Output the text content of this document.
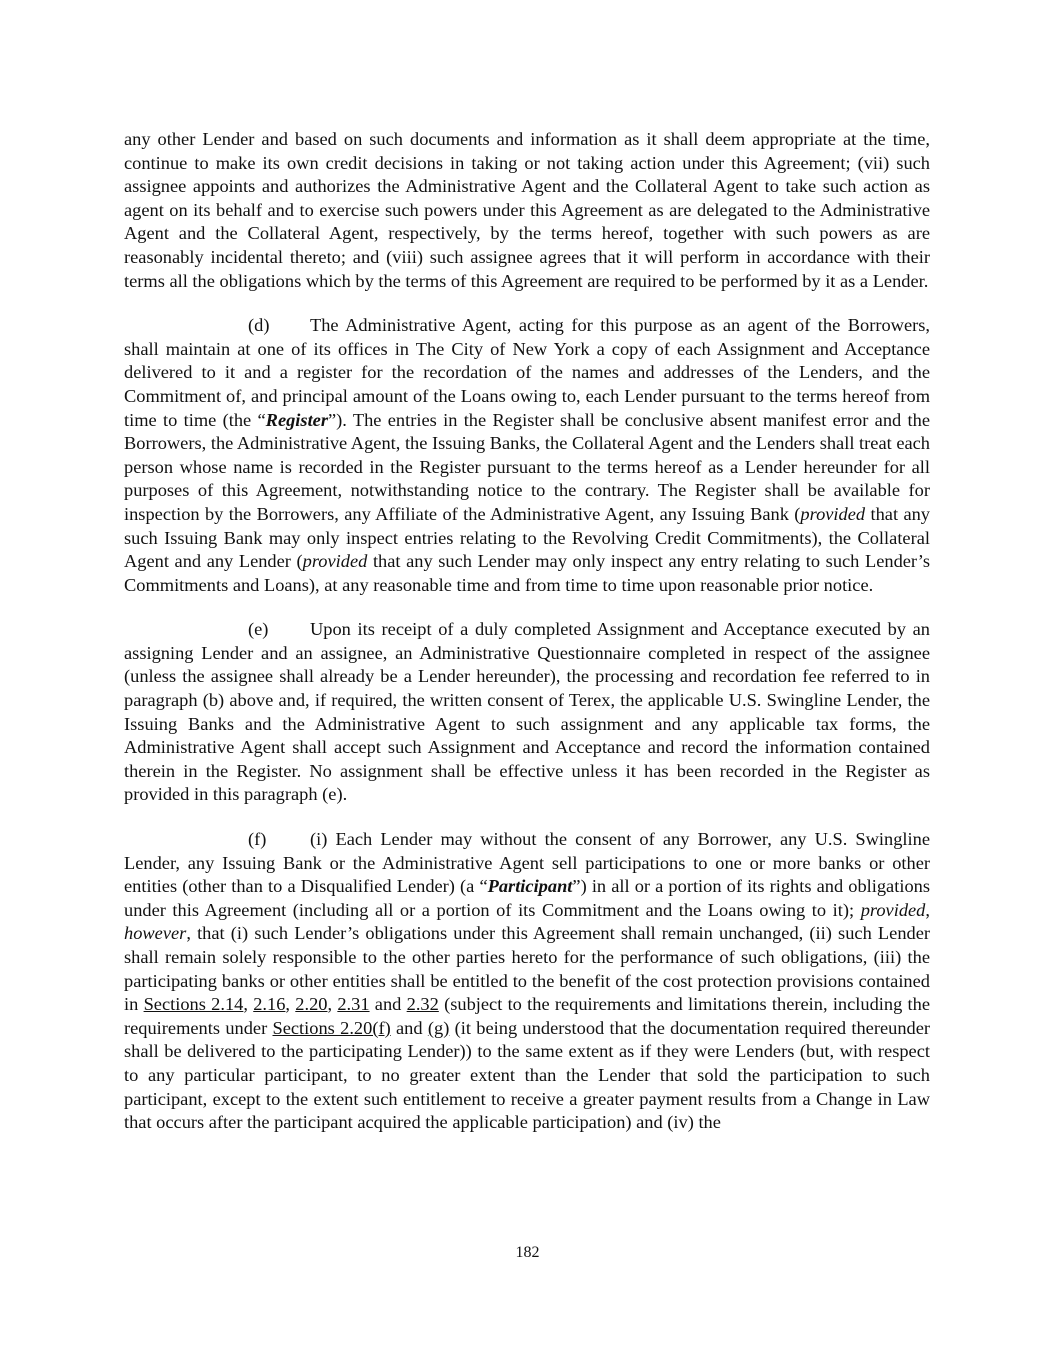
any other Lender and based on such documents and information as it shall deem appropriate at the time, continue to make its own credit decisions in taking or not taking action under this Agreement; (vii) such assignee appoints and authorizes the Administrative Agent and the Collateral Agent to take such action as agent on its behalf and to exercise such powers under this Agreement as are delegated to the Administrative Agent and the Collateral Agent, respectively, by the terms hereof, together with such powers as are reasonably incidental thereto; and (viii) such assignee agrees that it will perform in accordance with their terms all the obligations which by the terms of this Agreement are required to be performed by it as a Lender.

(d) The Administrative Agent, acting for this purpose as an agent of the Borrowers, shall maintain at one of its offices in The City of New York a copy of each Assignment and Acceptance delivered to it and a register for the recordation of the names and addresses of the Lenders, and the Commitment of, and principal amount of the Loans owing to, each Lender pursuant to the terms hereof from time to time (the “Register”). The entries in the Register shall be conclusive absent manifest error and the Borrowers, the Administrative Agent, the Issuing Banks, the Collateral Agent and the Lenders shall treat each person whose name is recorded in the Register pursuant to the terms hereof as a Lender hereunder for all purposes of this Agreement, notwithstanding notice to the contrary. The Register shall be available for inspection by the Borrowers, any Affiliate of the Administrative Agent, any Issuing Bank (provided that any such Issuing Bank may only inspect entries relating to the Revolving Credit Commitments), the Collateral Agent and any Lender (provided that any such Lender may only inspect any entry relating to such Lender’s Commitments and Loans), at any reasonable time and from time to time upon reasonable prior notice.

(e) Upon its receipt of a duly completed Assignment and Acceptance executed by an assigning Lender and an assignee, an Administrative Questionnaire completed in respect of the assignee (unless the assignee shall already be a Lender hereunder), the processing and recordation fee referred to in paragraph (b) above and, if required, the written consent of Terex, the applicable U.S. Swingline Lender, the Issuing Banks and the Administrative Agent to such assignment and any applicable tax forms, the Administrative Agent shall accept such Assignment and Acceptance and record the information contained therein in the Register. No assignment shall be effective unless it has been recorded in the Register as provided in this paragraph (e).

(f) (i) Each Lender may without the consent of any Borrower, any U.S. Swingline Lender, any Issuing Bank or the Administrative Agent sell participations to one or more banks or other entities (other than to a Disqualified Lender) (a “Participant”) in all or a portion of its rights and obligations under this Agreement (including all or a portion of its Commitment and the Loans owing to it); provided, however, that (i) such Lender’s obligations under this Agreement shall remain unchanged, (ii) such Lender shall remain solely responsible to the other parties hereto for the performance of such obligations, (iii) the participating banks or other entities shall be entitled to the benefit of the cost protection provisions contained in Sections 2.14, 2.16, 2.20, 2.31 and 2.32 (subject to the requirements and limitations therein, including the requirements under Sections 2.20(f) and (g) (it being understood that the documentation required thereunder shall be delivered to the participating Lender)) to the same extent as if they were Lenders (but, with respect to any particular participant, to no greater extent than the Lender that sold the participation to such participant, except to the extent such entitlement to receive a greater payment results from a Change in Law that occurs after the participant acquired the applicable participation) and (iv) the

182
